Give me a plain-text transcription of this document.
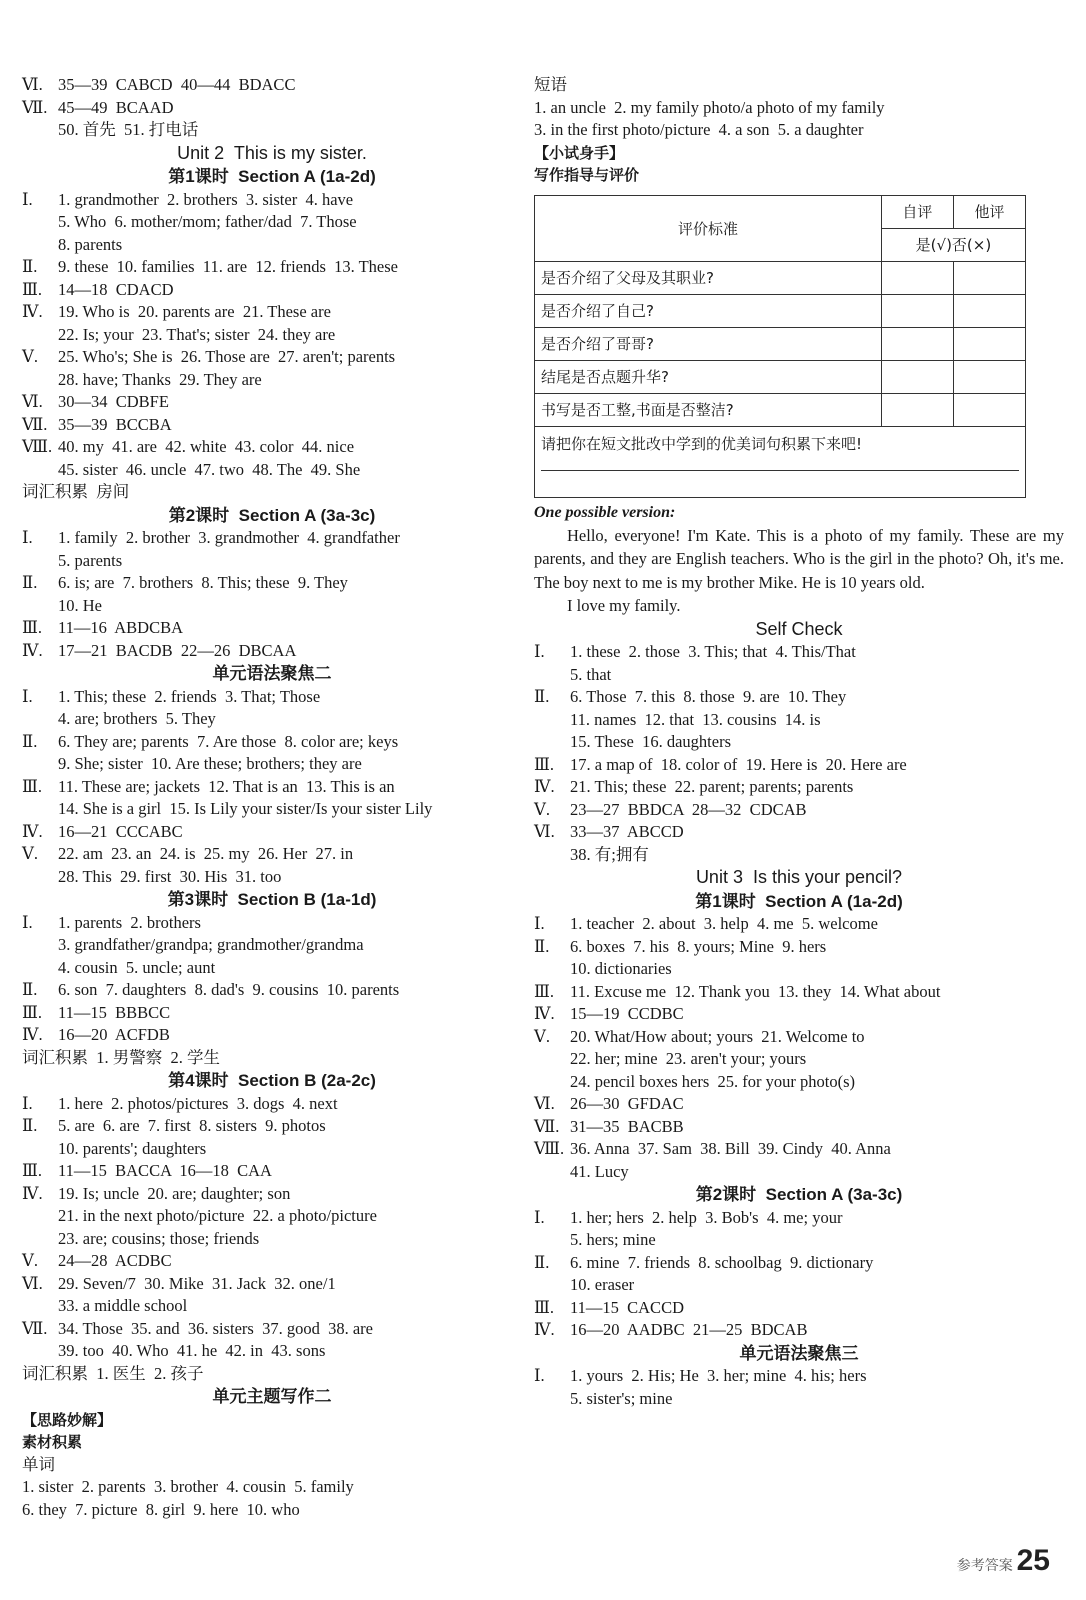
Ⅵ. 35—39  CABCD  40—44  BDACC
Ⅶ. 45—49  BCAAD
50. 首先  51. 打电话
Unit 2  This is my sister.
第1课时  Section A (1a-2d)
Ⅰ. 1. grandmother  2. brothers  3. sister  4. have
5. Who  6. mother/mom; father/dad  7. Those
8. parents
Ⅱ. 9. these  10. families  11. are  12. friends  13. These
Ⅲ. 14—18  CDACD
Ⅳ. 19. Who is  20. parents are  21. These are
22. Is; your  23. That's; sister  24. they are
Ⅴ. 25. Who's; She is  26. Those are  27. aren't; parents
28. have; Thanks  29. They are
Ⅵ. 30—34  CDBFE
Ⅶ. 35—39  BCCBA
Ⅷ. 40. my  41. are  42. white  43. color  44. nice
45. sister  46. uncle  47. two  48. The  49. She
词汇积累  房间
第2课时  Section A (3a-3c)
Ⅰ. 1. family  2. brother  3. grandmother  4. grandfather
5. parents
Ⅱ. 6. is; are  7. brothers  8. This; these  9. They
10. He
Ⅲ. 11—16  ABDCBA
Ⅳ. 17—21  BACDB  22—26  DBCAA
单元语法聚焦二
Ⅰ. 1. This; these  2. friends  3. That; Those
4. are; brothers  5. They
Ⅱ. 6. They are; parents  7. Are those  8. color are; keys
9. She; sister  10. Are these; brothers; they are
Ⅲ. 11. These are; jackets  12. That is an  13. This is an
14. She is a girl  15. Is Lily your sister/Is your sister Lily
Ⅳ. 16—21  CCCABC
Ⅴ. 22. am  23. an  24. is  25. my  26. Her  27. in
28. This  29. first  30. His  31. too
第3课时  Section B (1a-1d)
Ⅰ. 1. parents  2. brothers
3. grandfather/grandpa; grandmother/grandma
4. cousin  5. uncle; aunt
Ⅱ. 6. son  7. daughters  8. dad's  9. cousins  10. parents
Ⅲ. 11—15  BBBCC
Ⅳ. 16—20  ACFDB
词汇积累  1. 男警察  2. 学生
第4课时  Section B (2a-2c)
Ⅰ. 1. here  2. photos/pictures  3. dogs  4. next
Ⅱ. 5. are  6. are  7. first  8. sisters  9. photos
10. parents'; daughters
Ⅲ. 11—15  BACCA  16—18  CAA
Ⅳ. 19. Is; uncle  20. are; daughter; son
21. in the next photo/picture  22. a photo/picture
23. are; cousins; those; friends
Ⅴ. 24—28  ACDBC
Ⅵ. 29. Seven/7  30. Mike  31. Jack  32. one/1
33. a middle school
Ⅶ. 34. Those  35. and  36. sisters  37. good  38. are
39. too  40. Who  41. he  42. in  43. sons
词汇积累  1. 医生  2. 孩子
单元主题写作二
【思路妙解】
素材积累
单词
1. sister  2. parents  3. brother  4. cousin  5. family
6. they  7. picture  8. girl  9. here  10. who
短语
1. an uncle  2. my family photo/a photo of my family
3. in the first photo/picture  4. a son  5. a daughter
【小试身手】
写作指导与评价
评价标准	自评	他评
	是(√)否(×)	
是否介绍了父母及其职业?		
是否介绍了自己?		
是否介绍了哥哥?		
结尾是否点题升华?		
书写是否工整,书面是否整洁?		
请把你在短文批改中学到的优美词句积累下来吧!		
One possible version:

Hello, everyone! I'm Kate. This is a photo of my family. These are my parents, and they are English teachers. Who is the girl in the photo? Oh, it's me. The boy next to me is my brother Mike. He is 10 years old.

I love my family.

Self Check
Ⅰ. 1. these  2. those  3. This; that  4. This/That
5. that
Ⅱ. 6. Those  7. this  8. those  9. are  10. They
11. names  12. that  13. cousins  14. is
15. These  16. daughters
Ⅲ. 17. a map of  18. color of  19. Here is  20. Here are
Ⅳ. 21. This; these  22. parent; parents; parents
Ⅴ. 23—27  BBDCA  28—32  CDCAB
Ⅵ. 33—37  ABCCD
38. 有;拥有
Unit 3  Is this your pencil?
第1课时  Section A (1a-2d)
Ⅰ. 1. teacher  2. about  3. help  4. me  5. welcome
Ⅱ. 6. boxes  7. his  8. yours; Mine  9. hers
10. dictionaries
Ⅲ. 11. Excuse me  12. Thank you  13. they  14. What about
Ⅳ. 15—19  CCDBC
Ⅴ. 20. What/How about; yours  21. Welcome to
22. her; mine  23. aren't your; yours
24. pencil boxes hers  25. for your photo(s)
Ⅵ. 26—30  GFDAC
Ⅶ. 31—35  BACBB
Ⅷ. 36. Anna  37. Sam  38. Bill  39. Cindy  40. Anna
41. Lucy
第2课时  Section A (3a-3c)
Ⅰ. 1. her; hers  2. help  3. Bob's  4. me; your
5. hers; mine
Ⅱ. 6. mine  7. friends  8. schoolbag  9. dictionary
10. eraser
Ⅲ. 11—15  CACCD
Ⅳ. 16—20  AADBC  21—25  BDCAB
单元语法聚焦三
Ⅰ. 1. yours  2. His; He  3. her; mine  4. his; hers
5. sister's; mine
参考答案 25
